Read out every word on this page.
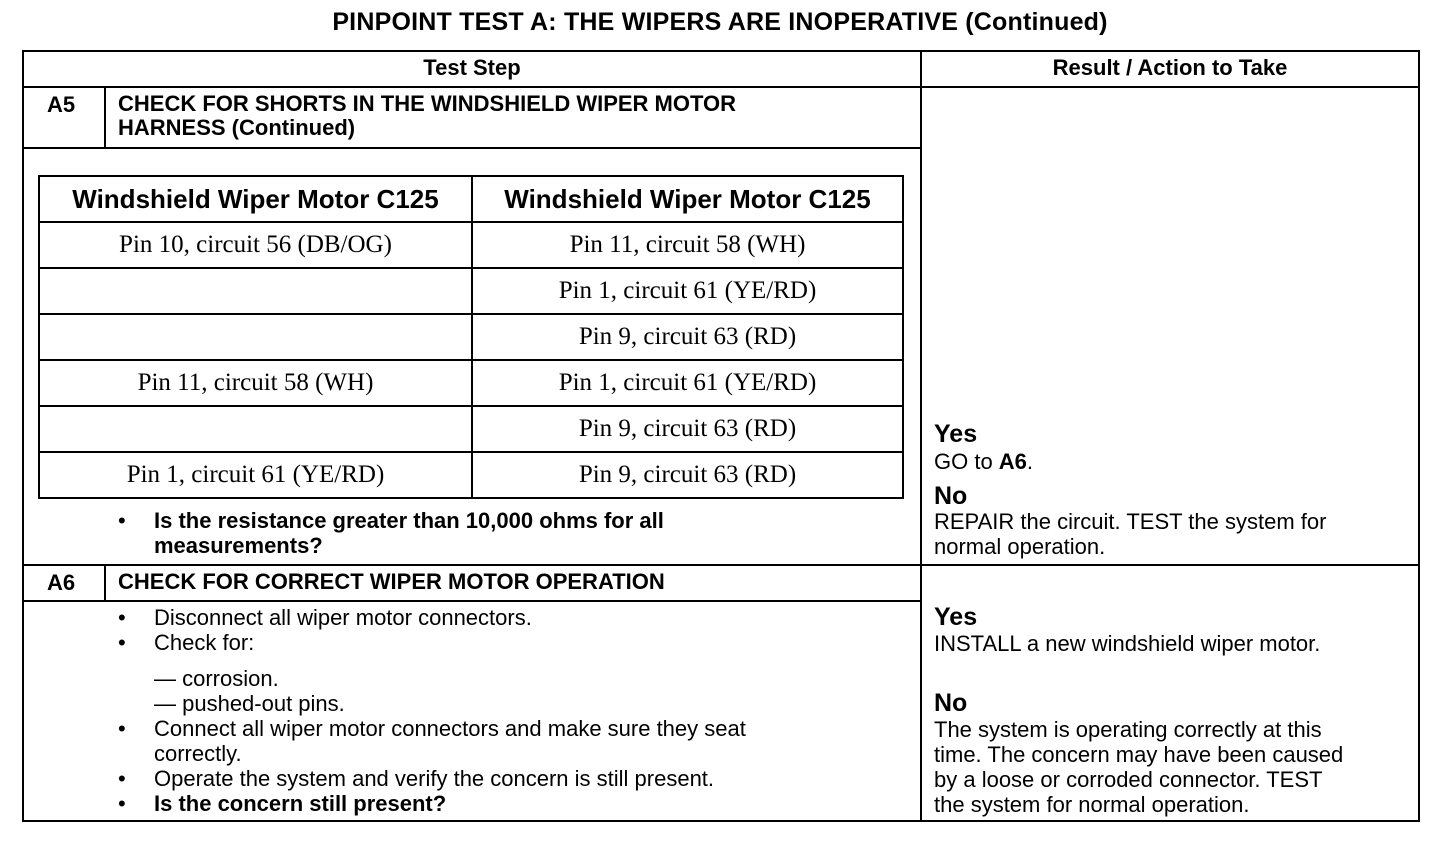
PINPOINT TEST A: THE WIPERS ARE INOPERATIVE (Continued)
Test Step	Result / Action to Take
A5 CHECK FOR SHORTS IN THE WINDSHIELD WIPER MOTOR
HARNESS (Continued)
Windshield Wiper Motor C125	Windshield Wiper Motor C125
Pin 10, circuit 56 (DB/OG)	Pin 11, circuit 58 (WH)
	Pin 1, circuit 61 (YE/RD)
	Pin 9, circuit 63 (RD)
Pin 11, circuit 58 (WH)	Pin 1, circuit 61 (YE/RD)
	Pin 9, circuit 63 (RD)
Pin 1, circuit 61 (YE/RD)	Pin 9, circuit 63 (RD)
• Is the resistance greater than 10,000 ohms for all
measurements?
Yes
GO to A6.
No
REPAIR the circuit. TEST the system for
normal operation.
A6 CHECK FOR CORRECT WIPER MOTOR OPERATION
• Disconnect all wiper motor connectors.
• Check for:
— corrosion.
— pushed-out pins.
• Connect all wiper motor connectors and make sure they seat
correctly.
• Operate the system and verify the concern is still present.
• Is the concern still present?
Yes
INSTALL a new windshield wiper motor.
No
The system is operating correctly at this
time. The concern may have been caused
by a loose or corroded connector. TEST
the system for normal operation.
